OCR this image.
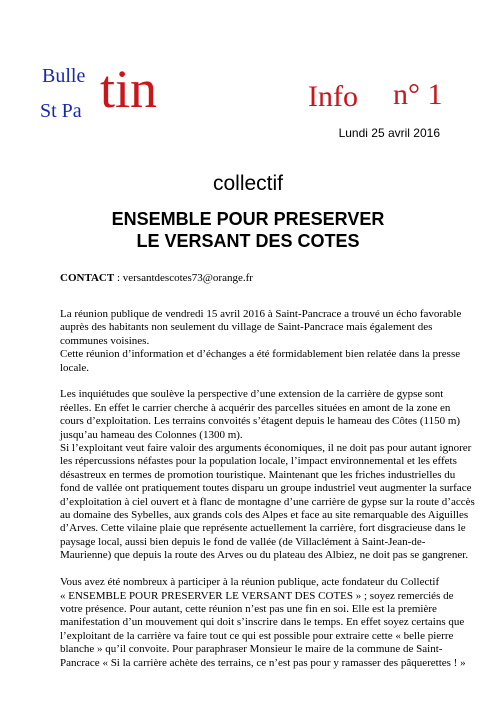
Bulle
St Pa tin	Info n° 1
Lundi 25 avril 2016
collectif
ENSEMBLE POUR PRESERVER
LE VERSANT DES COTES
CONTACT : versantdescotes73@orange.fr

La réunion publique de vendredi 15 avril 2016 à Saint-Pancrace a trouvé un écho favorable
auprès des habitants non seulement du village de Saint-Pancrace mais également des
communes voisines.
Cette réunion d’information et d’échanges a été formidablement bien relatée dans la presse
locale.

Les inquiétudes que soulève la perspective d’une extension de la carrière de gypse sont
réelles. En effet le carrier cherche à acquérir des parcelles situées en amont de la zone en
cours d’exploitation. Les terrains convoités s’étagent depuis le hameau des Côtes (1150 m)
jusqu’au hameau des Colonnes (1300 m).
Si l’exploitant veut faire valoir des arguments économiques, il ne doit pas pour autant ignorer
les répercussions néfastes pour la population locale, l’impact environnemental et les effets
désastreux en termes de promotion touristique. Maintenant que les friches industrielles du
fond de vallée ont pratiquement toutes disparu un groupe industriel veut augmenter la surface
d’exploitation à ciel ouvert et à flanc de montagne d’une carrière de gypse sur la route d’accès
au domaine des Sybelles, aux grands cols des Alpes et face au site remarquable des Aiguilles
d’Arves. Cette vilaine plaie que représente actuellement la carrière, fort disgracieuse dans le
paysage local, aussi bien depuis le fond de vallée (de Villaclément à Saint-Jean-de-
Maurienne) que depuis la route des Arves ou du plateau des Albiez, ne doit pas se gangrener.

Vous avez été nombreux à participer à la réunion publique, acte fondateur du Collectif
« ENSEMBLE POUR PRESERVER LE VERSANT DES COTES » ; soyez remerciés de
votre présence. Pour autant, cette réunion n’est pas une fin en soi. Elle est la première
manifestation d’un mouvement qui doit s’inscrire dans le temps. En effet soyez certains que
l’exploitant de la carrière va faire tout ce qui est possible pour extraire cette « belle pierre
blanche » qu’il convoite. Pour paraphraser Monsieur le maire de la commune de Saint-
Pancrace « Si la carrière achète des terrains, ce n’est pas pour y ramasser des pâquerettes ! »
